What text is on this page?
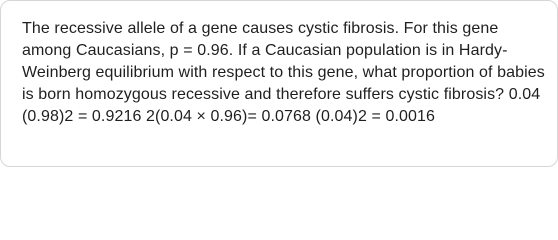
The recessive allele of a gene causes cystic fibrosis. For this gene among Caucasians, p = 0.96. If a Caucasian population is in Hardy-Weinberg equilibrium with respect to this gene, what proportion of babies is born homozygous recessive and therefore suffers cystic fibrosis? 0.04 (0.98)2 = 0.9216 2(0.04 × 0.96)= 0.0768 (0.04)2 = 0.0016
